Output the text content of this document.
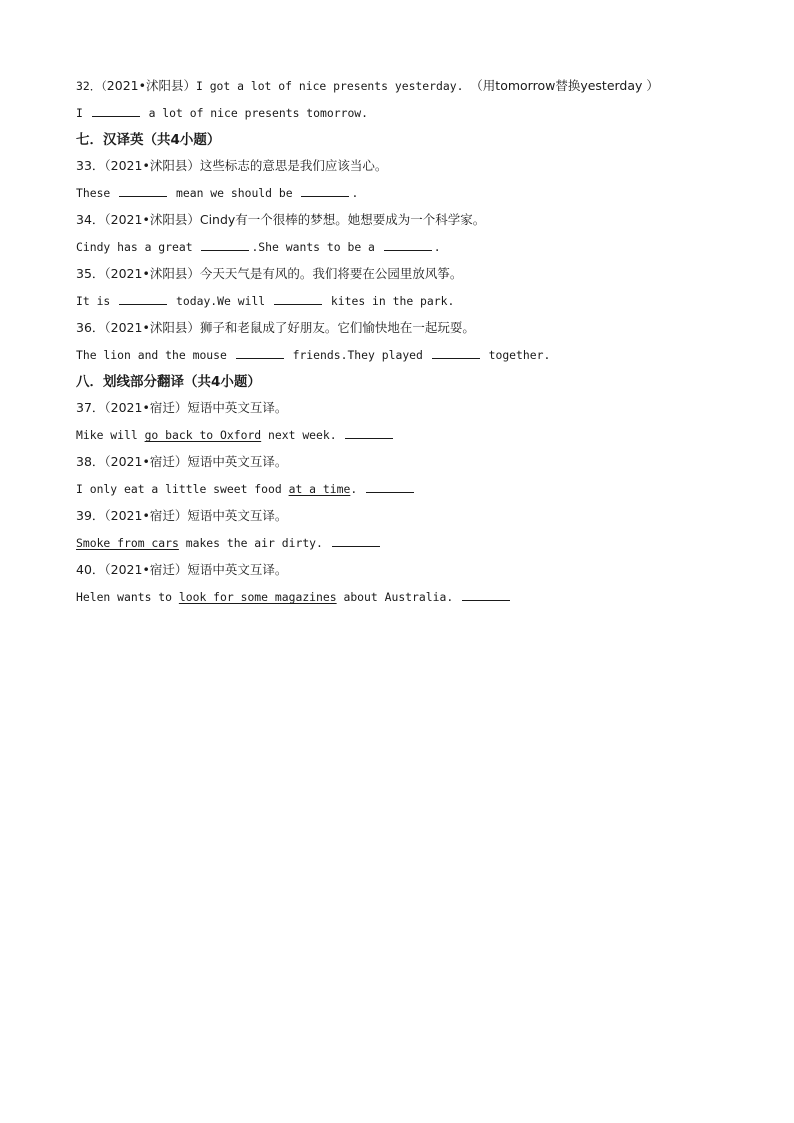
32．（2021•沭阳县）I got a lot of nice presents yesterday. （用tomorrow替换yesterday ）
I	a lot of nice presents tomorrow.
七．汉译英（共4小题）
33．（2021•沭阳县）这些标志的意思是我们应该当心。
These	mean we should be	.
34．（2021•沭阳县）Cindy有一个很棒的梦想。她想要成为一个科学家。
Cindy has a great	.She wants to be a	.
35．（2021•沭阳县）今天天气是有风的。我们将要在公园里放风筝。
It is	today.We will	kites in the park.
36．（2021•沭阳县）狮子和老鼠成了好朋友。它们愉快地在一起玩耍。
The lion and the mouse	friends.They played	together.
八．划线部分翻译（共4小题）
37．（2021•宿迁）短语中英文互译。
Mike will go back to Oxford next week.
38．（2021•宿迁）短语中英文互译。
I only eat a little sweet food at a time.
39．（2021•宿迁）短语中英文互译。
Smoke from cars makes the air dirty.
40．（2021•宿迁）短语中英文互译。
Helen wants to look for some magazines about Australia.
